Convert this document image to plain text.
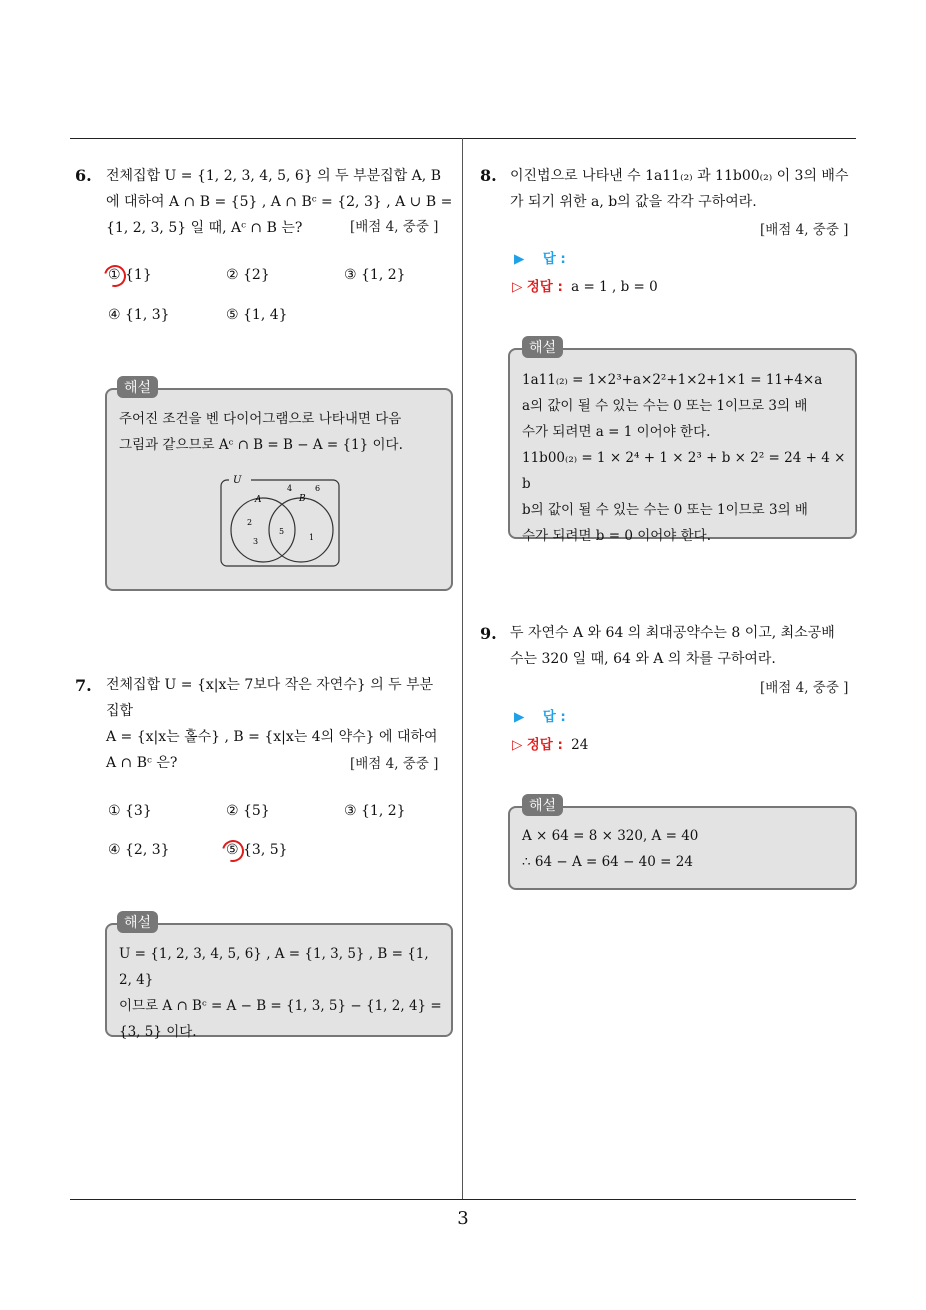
6. 전체집합 U = {1, 2, 3, 4, 5, 6} 의 두 부분집합 A, B
에 대하여 A ∩ B = {5} , A ∩ Bᶜ = {2, 3} , A ∪ B =
{1, 2, 3, 5} 일 때, Aᶜ ∩ B 는?	[배점 4, 중중 ]
① {1}	② {2}	③ {1, 2}
④ {1, 3}	⑤ {1, 4}
주어진 조건을 벤 다이어그램으로 나타내면 다음
그림과 같으므로 Aᶜ ∩ B = B − A = {1} 이다.
U
A	B
4	6
2
3
5
1
해설
7. 전체집합 U = {x|x는 7보다 작은 자연수} 의 두 부분
집합
A = {x|x는 홀수} , B = {x|x는 4의 약수} 에 대하여
A ∩ Bᶜ 은?	[배점 4, 중중 ]
① {3}	② {5}	③ {1, 2}
④ {2, 3}	⑤ {3, 5}
U = {1, 2, 3, 4, 5, 6} , A = {1, 3, 5} , B = {1, 2, 4}
이므로 A ∩ Bᶜ = A − B = {1, 3, 5} − {1, 2, 4} =
{3, 5} 이다.
해설
8. 이진법으로 나타낸 수 1a11₍₂₎ 과 11b00₍₂₎ 이 3의 배수
가 되기 위한 a, b의 값을 각각 구하여라.
[배점 4, 중중 ]
▶ 답 :
▷ 정답 : a = 1 , b = 0
1a11₍₂₎ = 1×2³+a×2²+1×2+1×1 = 11+4×a
a의 값이 될 수 있는 수는 0 또는 1이므로 3의 배
수가 되려면 a = 1 이어야 한다.
11b00₍₂₎ = 1 × 2⁴ + 1 × 2³ + b × 2² = 24 + 4 × b
b의 값이 될 수 있는 수는 0 또는 1이므로 3의 배
수가 되려면 b = 0 이어야 한다.
해설
9. 두 자연수 A 와 64 의 최대공약수는 8 이고, 최소공배
수는 320 일 때, 64 와 A 의 차를 구하여라.
[배점 4, 중중 ]
▶ 답 :
▷ 정답 : 24
A × 64 = 8 × 320, A = 40
∴ 64 − A = 64 − 40 = 24
해설
3
